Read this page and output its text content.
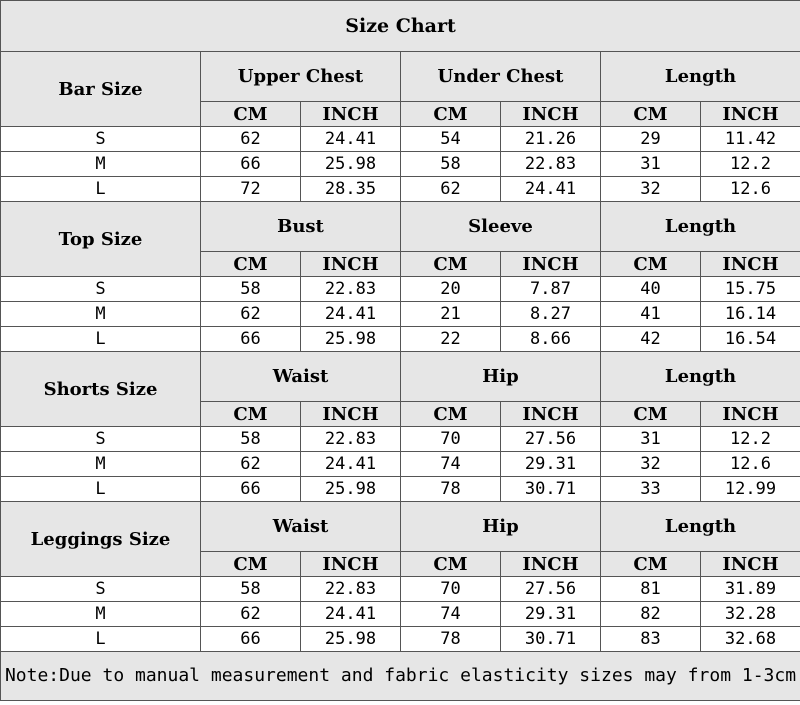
Size Chart						
Bar Size	Upper Chest		Under Chest		Length	
	CM	INCH	CM	INCH	CM	INCH
S	62	24.41	54	21.26	29	11.42
M	66	25.98	58	22.83	31	12.2
L	72	28.35	62	24.41	32	12.6
Top Size	Bust		Sleeve		Length	
	CM	INCH	CM	INCH	CM	INCH
S	58	22.83	20	7.87	40	15.75
M	62	24.41	21	8.27	41	16.14
L	66	25.98	22	8.66	42	16.54
Shorts Size	Waist		Hip		Length	
	CM	INCH	CM	INCH	CM	INCH
S	58	22.83	70	27.56	31	12.2
M	62	24.41	74	29.31	32	12.6
L	66	25.98	78	30.71	33	12.99
Leggings Size	Waist		Hip		Length	
	CM	INCH	CM	INCH	CM	INCH
S	58	22.83	70	27.56	81	31.89
M	62	24.41	74	29.31	82	32.28
L	66	25.98	78	30.71	83	32.68
Note:Due to manual measurement and fabric elasticity sizes may from 1-3cm						
